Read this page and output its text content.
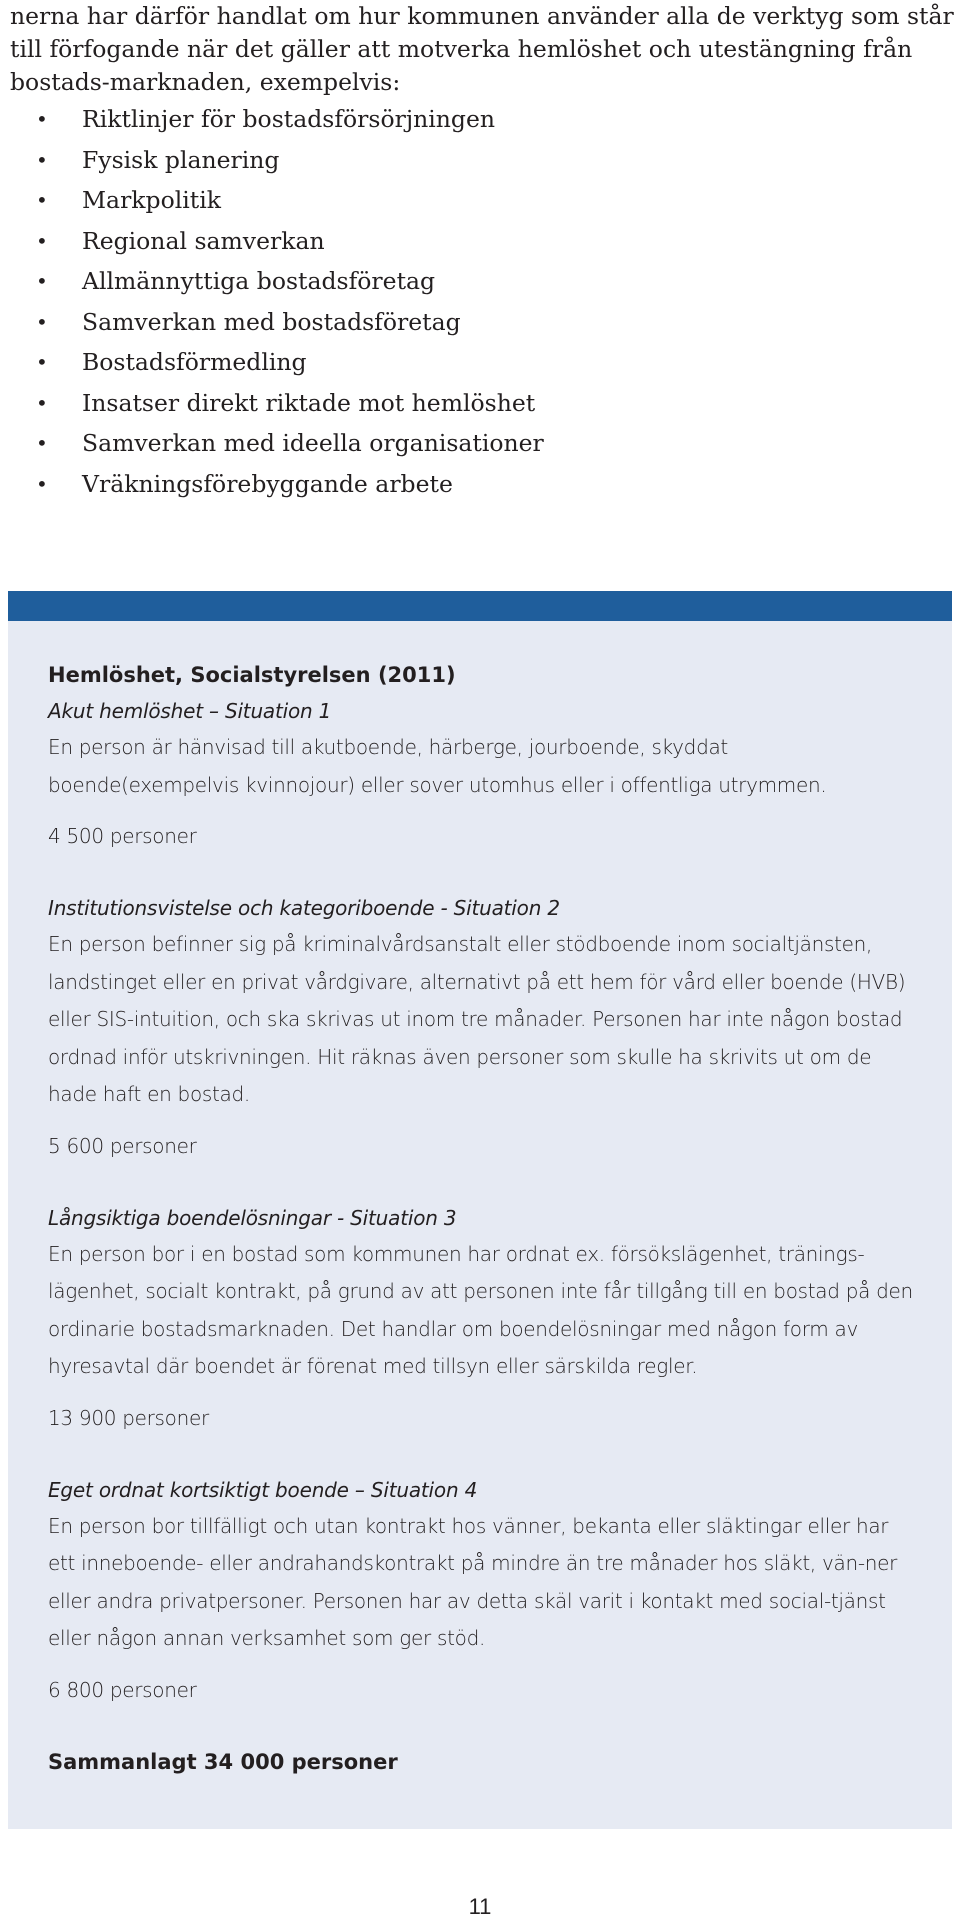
nerna har därför handlat om hur kommunen använder alla de verktyg som står till förfogande när det gäller att motverka hemlöshet och utestängning från bostads-marknaden, exempelvis:

• Riktlinjer för bostadsförsörjningen
• Fysisk planering
• Markpolitik
• Regional samverkan
• Allmännyttiga bostadsföretag
• Samverkan med bostadsföretag
• Bostadsförmedling
• Insatser direkt riktade mot hemlöshet
• Samverkan med ideella organisationer
• Vräkningsförebyggande arbete

Hemlöshet, Socialstyrelsen (2011)

Akut hemlöshet – Situation 1

En person är hänvisad till akutboende, härberge, jourboende, skyddat boende(exempelvis kvinnojour) eller sover utomhus eller i offentliga utrymmen.

4 500 personer

Institutionsvistelse och kategoriboende - Situation 2

En person befinner sig på kriminalvårdsanstalt eller stödboende inom socialtjänsten, landstinget eller en privat vårdgivare, alternativt på ett hem för vård eller boende (HVB) eller SIS-intuition, och ska skrivas ut inom tre månader. Personen har inte någon bostad ordnad inför utskrivningen. Hit räknas även personer som skulle ha skrivits ut om de hade haft en bostad.

5 600 personer

Långsiktiga boendelösningar - Situation 3

En person bor i en bostad som kommunen har ordnat ex. försökslägenhet, tränings-lägenhet, socialt kontrakt, på grund av att personen inte får tillgång till en bostad på den ordinarie bostadsmarknaden. Det handlar om boendelösningar med någon form av hyresavtal där boendet är förenat med tillsyn eller särskilda regler.

13 900 personer

Eget ordnat kortsiktigt boende – Situation 4

En person bor tillfälligt och utan kontrakt hos vänner, bekanta eller släktingar eller har ett inneboende- eller andrahandskontrakt på mindre än tre månader hos släkt, vän-ner eller andra privatpersoner. Personen har av detta skäl varit i kontakt med social-tjänst eller någon annan verksamhet som ger stöd.

6 800 personer

Sammanlagt 34 000 personer

11
